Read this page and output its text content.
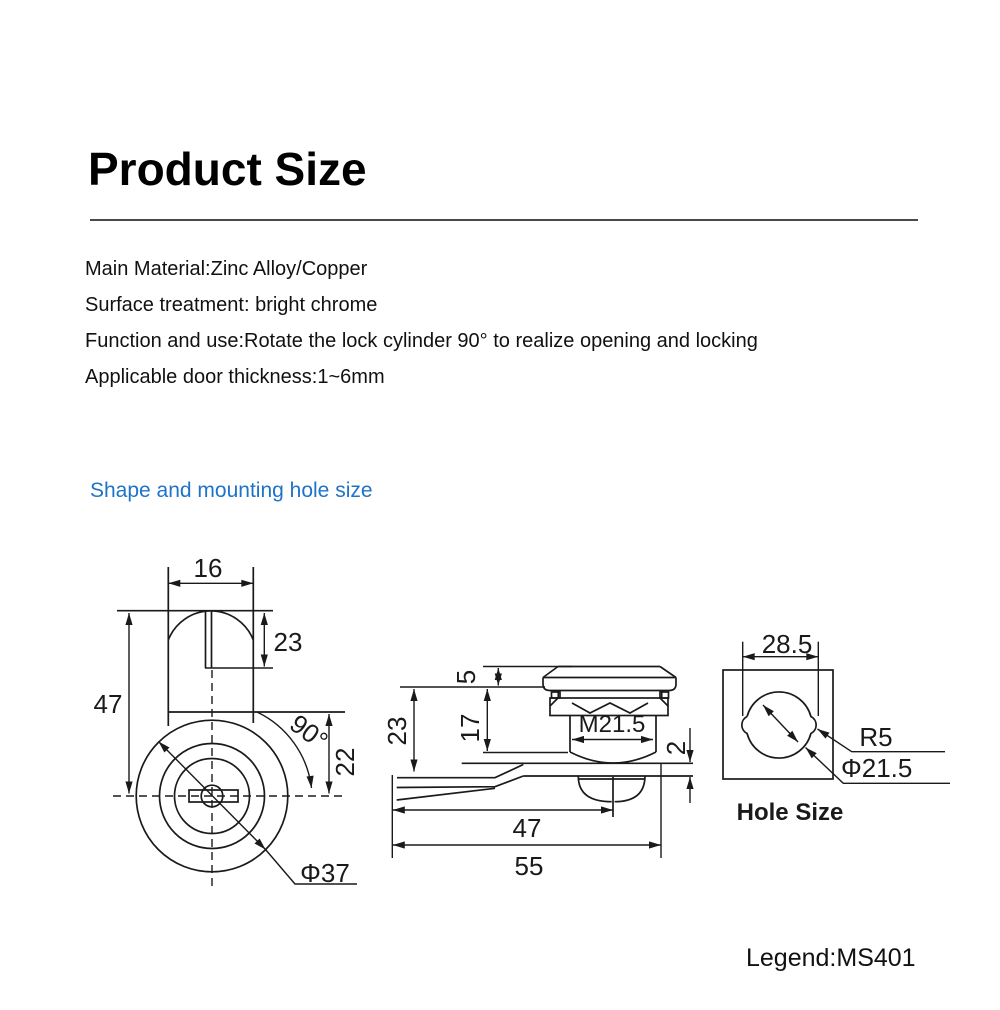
Product Size
Main Material:Zinc Alloy/Copper
Surface treatment: bright chrome
Function and use:Rotate the lock cylinder 90° to realize opening and locking
Applicable door thickness:1~6mm
Shape and mounting hole size
16
23
47
90°
22
Φ37
5
17
23	M21.5
2
47
55
28.5
R5
Φ21.5
Hole Size
Legend:MS401
